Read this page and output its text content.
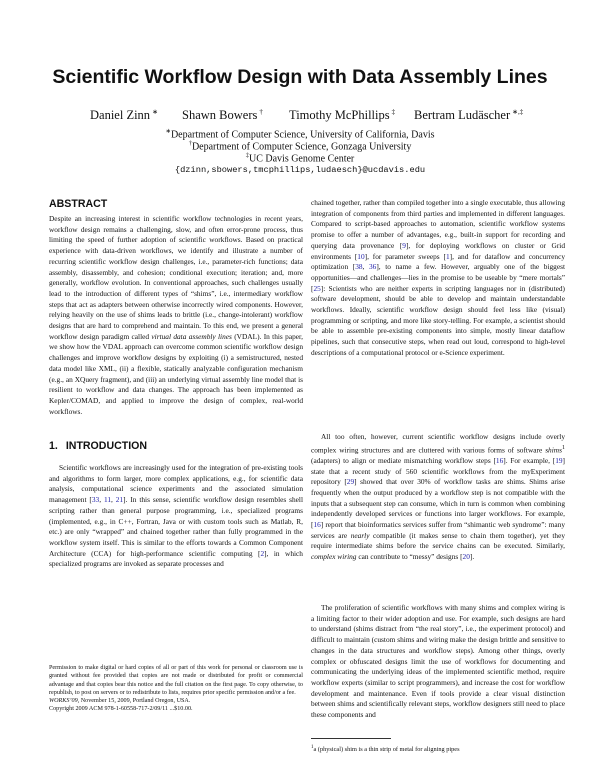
Scientific Workflow Design with Data Assembly Lines
Daniel Zinn ∗ Shawn Bowers † Timothy McPhillips ‡ Bertram Ludäscher ∗,‡
∗Department of Computer Science, University of California, Davis
†Department of Computer Science, Gonzaga University
‡UC Davis Genome Center
{dzinn,sbowers,tmcphillips,ludaesch}@ucdavis.edu
ABSTRACT

Despite an increasing interest in scientific workflow technologies in recent years, workflow design remains a challenging, slow, and often error-prone process, thus limiting the speed of further adoption of scientific workflows. Based on practical experience with data-driven workflows, we identify and illustrate a number of recurring scientific workflow design challenges, i.e., parameter-rich functions; data assembly, disassembly, and cohesion; conditional execution; iteration; and, more generally, workflow evolution. In conventional approaches, such challenges usually lead to the introduction of different types of “shims”, i.e., intermediary workflow steps that act as adapters between otherwise incorrectly wired components. However, relying heavily on the use of shims leads to brittle (i.e., change-intolerant) workflow designs that are hard to comprehend and maintain. To this end, we present a general workflow design paradigm called virtual data assembly lines (VDAL). In this paper, we show how the VDAL approach can overcome common scientific workflow design challenges and improve workflow designs by exploiting (i) a semistructured, nested data model like XML, (ii) a flexible, statically analyzable configuration mechanism (e.g., an XQuery fragment), and (iii) an underlying virtual assembly line model that is resilient to workflow and data changes. The approach has been implemented as Kepler/COMAD, and applied to improve the design of complex, real-world workflows.

1. INTRODUCTION

Scientific workflows are increasingly used for the integration of pre-existing tools and algorithms to form larger, more complex applications, e.g., for scientific data analysis, computational science experiments and the associated simulation management [33, 11, 21]. In this sense, scientific workflow design resembles shell scripting rather than general purpose programming, i.e., specialized programs (implemented, e.g., in C++, Fortran, Java or with custom tools such as Matlab, R, etc.) are only “wrapped” and chained together rather than fully programmed in the workflow system itself. This is similar to the efforts towards a Common Component Architecture (CCA) for high-performance scientific computing [2], in which specialized programs are invoked as separate processes and

Permission to make digital or hard copies of all or part of this work for personal or classroom use is granted without fee provided that copies are not made or distributed for profit or commercial advantage and that copies bear this notice and the full citation on the first page. To copy otherwise, to republish, to post on servers or to redistribute to lists, requires prior specific permission and/or a fee.
WORKS’09, November 15, 2009, Portland Oregon, USA.
Copyright 2009 ACM 978-1-60558-717-2/09/11 ...$10.00.

chained together, rather than compiled together into a single executable, thus allowing integration of components from third parties and implemented in different languages. Compared to script-based approaches to automation, scientific workflow systems promise to offer a number of advantages, e.g., built-in support for recording and querying data provenance [9], for deploying workflows on cluster or Grid environments [10], for parameter sweeps [1], and for dataflow and concurrency optimization [38, 36], to name a few. However, arguably one of the biggest opportunities—and challenges—lies in the promise to be useable by “mere mortals” [25]: Scientists who are neither experts in scripting languages nor in (distributed) software development, should be able to develop and maintain understandable workflows. Ideally, scientific workflow design should feel less like (visual) programming or scripting, and more like story-telling. For example, a scientist should be able to assemble pre-existing components into simple, mostly linear dataflow pipelines, such that consecutive steps, when read out loud, correspond to high-level descriptions of a computational protocol or e-Science experiment.

All too often, however, current scientific workflow designs include overly complex wiring structures and are cluttered with various forms of software shims$^1$ (adapters) to align or mediate mismatching workflow steps [16]. For example, [19] state that a recent study of 560 scientific workflows from the myExperiment repository [29] showed that over 30% of workflow tasks are shims. Shims arise frequently when the output produced by a workflow step is not compatible with the inputs that a subsequent step can consume, which in turn is common when combining independently developed services or functions into larger workflows. For example, [16] report that bioinformatics services suffer from “shimantic web syndrome”: many services are nearly compatible (it makes sense to chain them together), yet they require intermediate shims before the service chains can be executed. Similarly, complex wiring can contribute to “messy” designs [20].

The proliferation of scientific workflows with many shims and complex wiring is a limiting factor to their wider adoption and use. For example, such designs are hard to understand (shims distract from “the real story”, i.e., the experiment protocol) and difficult to maintain (custom shims and wiring make the design brittle and sensitive to changes in the data structures and workflow steps). Among other things, overly complex or obfuscated designs limit the use of workflows for documenting and communicating the underlying ideas of the implemented scientific method, require workflow experts (similar to script programmers), and increase the cost for workflow development and maintenance. Even if tools provide a clear visual distinction between shims and scientifically relevant steps, workflow designers still need to place these components and

$^1$a (physical) shim is a thin strip of metal for aligning pipes
